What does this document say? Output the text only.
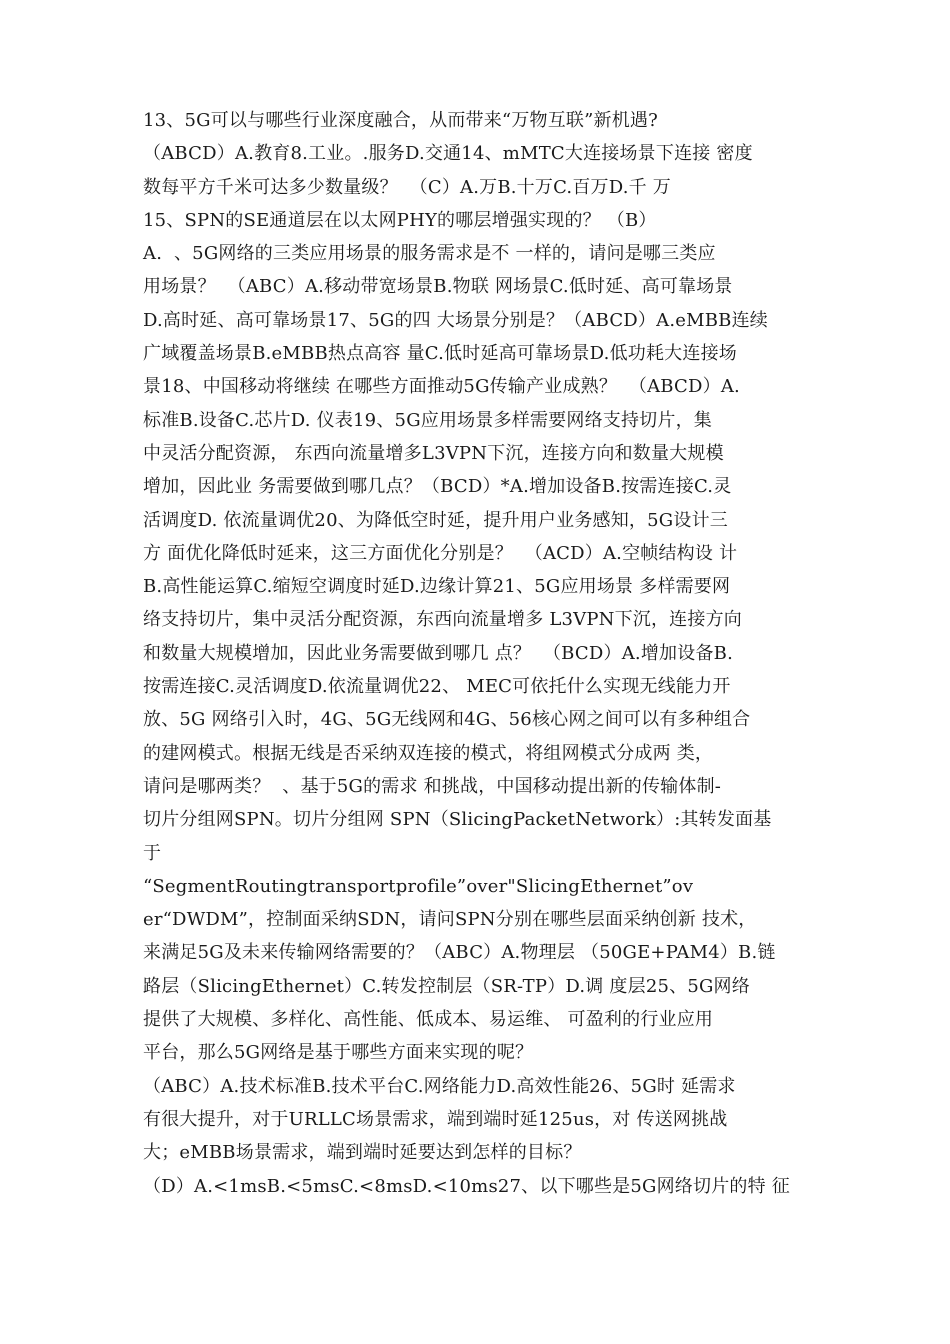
13、5G可以与哪些行业深度融合，从而带来“万物互联”新机遇?
（ABCD）A.教育8.工业。.服务D.交通14、mMTC大连接场景下连接 密度
数每平方千米可达多少数量级？  （C）A.万B.十万C.百万D.千 万
15、SPN的SE通道层在以太网PHY的哪层增强实现的？ （B）
A.  、5G网络的三类应用场景的服务需求是不 一样的，请问是哪三类应
用场景？  （ABC）A.移动带宽场景B.物联 网场景C.低时延、高可靠场景
D.高时延、高可靠场景17、5G的四 大场景分别是？（ABCD）A.eMBB连续
广域覆盖场景B.eMBB热点高容 量C.低时延高可靠场景D.低功耗大连接场
景18、中国移动将继续 在哪些方面推动5G传输产业成熟？  （ABCD）A.
标准B.设备C.芯片D. 仪表19、5G应用场景多样需要网络支持切片，集
中灵活分配资源， 东西向流量增多L3VPN下沉，连接方向和数量大规模
增加，因此业 务需要做到哪几点？（BCD）*A.增加设备B.按需连接C.灵
活调度D. 依流量调优20、为降低空时延，提升用户业务感知，5G设计三
方 面优化降低时延来，这三方面优化分别是？  （ACD）A.空帧结构设 计
B.高性能运算C.缩短空调度时延D.边缘计算21、5G应用场景 多样需要网
络支持切片，集中灵活分配资源，东西向流量增多 L3VPN下沉，连接方向
和数量大规模增加，因此业务需要做到哪几 点？  （BCD）A.增加设备B.
按需连接C.灵活调度D.依流量调优22、 MEC可依托什么实现无线能力开
放、5G 网络引入时，4G、5G无线网和4G、56核心网之间可以有多种组合
的建网模式。根据无线是否采纳双连接的模式，将组网模式分成两 类，
请问是哪两类？  、基于5G的需求 和挑战，中国移动提出新的传输体制-
切片分组网SPN。切片分组网 SPN（SlicingPacketNetwork）:其转发面基
于
“SegmentRoutingtransportprofile”over"SlicingEthernet”ov
er“DWDM”，控制面采纳SDN，请问SPN分别在哪些层面采纳创新 技术，
来满足5G及未来传输网络需要的？（ABC）A.物理层 （50GE+PAM4）B.链
路层（SlicingEthernet）C.转发控制层（SR-TP）D.调 度层25、5G网络
提供了大规模、多样化、高性能、低成本、易运维、 可盈利的行业应用
平台，那么5G网络是基于哪些方面来实现的呢？
（ABC）A.技术标准B.技术平台C.网络能力D.高效性能26、5G时 延需求
有很大提升，对于URLLC场景需求，端到端时延125us，对 传送网挑战
大；eMBB场景需求，端到端时延要达到怎样的目标？
（D）A.<1msB.<5msC.<8msD.<10ms27、以下哪些是5G网络切片的特 征
